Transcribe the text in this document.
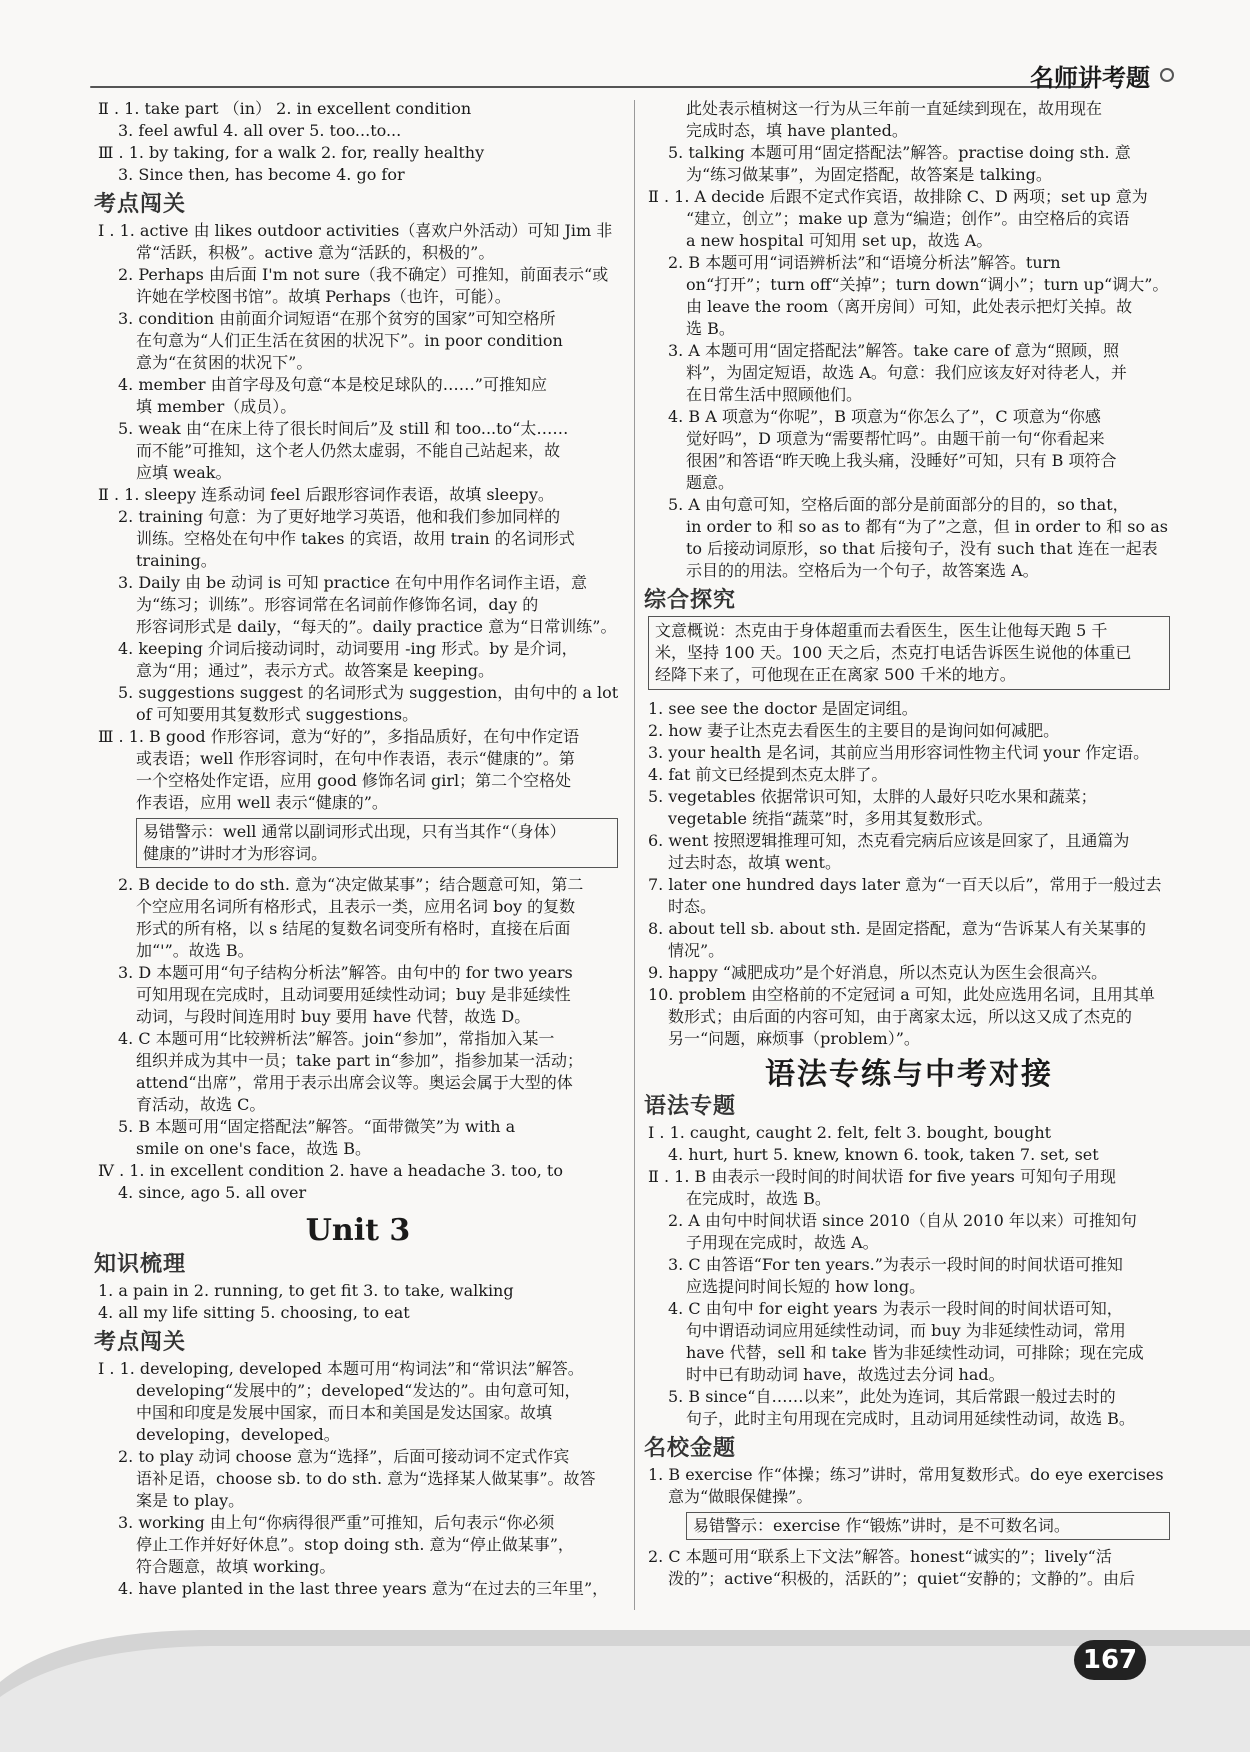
名师讲考题
Ⅱ . 1. take part （in） 2. in excellent condition
3. feel awful 4. all over 5. too...to...
Ⅲ . 1. by taking, for a walk 2. for, really healthy
3. Since then, has become 4. go for
考点闯关
Ⅰ . 1. active 由 likes outdoor activities（喜欢户外活动）可知 Jim 非
常“活跃，积极”。active 意为“活跃的，积极的”。
2. Perhaps 由后面 I'm not sure（我不确定）可推知，前面表示“或
许她在学校图书馆”。故填 Perhaps（也许，可能）。
3. condition 由前面介词短语“在那个贫穷的国家”可知空格所
在句意为“人们正生活在贫困的状况下”。in poor condition
意为“在贫困的状况下”。
4. member 由首字母及句意“本是校足球队的……”可推知应
填 member（成员）。
5. weak 由“在床上待了很长时间后”及 still 和 too...to“太……
而不能”可推知，这个老人仍然太虚弱，不能自己站起来，故
应填 weak。
Ⅱ . 1. sleepy 连系动词 feel 后跟形容词作表语，故填 sleepy。
2. training 句意：为了更好地学习英语，他和我们参加同样的
训练。空格处在句中作 takes 的宾语，故用 train 的名词形式
training。
3. Daily 由 be 动词 is 可知 practice 在句中用作名词作主语，意
为“练习；训练”。形容词常在名词前作修饰名词，day 的
形容词形式是 daily，“每天的”。daily practice 意为“日常训练”。
4. keeping 介词后接动词时，动词要用 -ing 形式。by 是介词，
意为“用；通过”，表示方式。故答案是 keeping。
5. suggestions suggest 的名词形式为 suggestion，由句中的 a lot
of 可知要用其复数形式 suggestions。
Ⅲ . 1. B good 作形容词，意为“好的”，多指品质好，在句中作定语
或表语；well 作形容词时，在句中作表语，表示“健康的”。第
一个空格处作定语，应用 good 修饰名词 girl；第二个空格处
作表语，应用 well 表示“健康的”。
易错警示：well 通常以副词形式出现，只有当其作“（身体）
健康的”讲时才为形容词。
2. B decide to do sth. 意为“决定做某事”；结合题意可知，第二
个空应用名词所有格形式，且表示一类，应用名词 boy 的复数
形式的所有格，以 s 结尾的复数名词变所有格时，直接在后面
加“'”。故选 B。
3. D 本题可用“句子结构分析法”解答。由句中的 for two years
可知用现在完成时，且动词要用延续性动词；buy 是非延续性
动词，与段时间连用时 buy 要用 have 代替，故选 D。
4. C 本题可用“比较辨析法”解答。join“参加”，常指加入某一
组织并成为其中一员；take part in“参加”，指参加某一活动；
attend“出席”，常用于表示出席会议等。奥运会属于大型的体
育活动，故选 C。
5. B 本题可用“固定搭配法”解答。“面带微笑”为 with a
smile on one's face，故选 B。
Ⅳ . 1. in excellent condition 2. have a headache 3. too, to
4. since, ago 5. all over
Unit 3
知识梳理
1. a pain in 2. running, to get fit 3. to take, walking
4. all my life sitting 5. choosing, to eat
考点闯关
Ⅰ . 1. developing, developed 本题可用“构词法”和“常识法”解答。
developing“发展中的”；developed“发达的”。由句意可知，
中国和印度是发展中国家，而日本和美国是发达国家。故填
developing，developed。
2. to play 动词 choose 意为“选择”，后面可接动词不定式作宾
语补足语，choose sb. to do sth. 意为“选择某人做某事”。故答
案是 to play。
3. working 由上句“你病得很严重”可推知，后句表示“你必须
停止工作并好好休息”。stop doing sth. 意为“停止做某事”，
符合题意，故填 working。
4. have planted in the last three years 意为“在过去的三年里”，
此处表示植树这一行为从三年前一直延续到现在，故用现在
完成时态，填 have planted。
5. talking 本题可用“固定搭配法”解答。practise doing sth. 意
为“练习做某事”，为固定搭配，故答案是 talking。
Ⅱ . 1. A decide 后跟不定式作宾语，故排除 C、D 两项；set up 意为
“建立，创立”；make up 意为“编造；创作”。由空格后的宾语
a new hospital 可知用 set up，故选 A。
2. B 本题可用“词语辨析法”和“语境分析法”解答。turn
on“打开”；turn off“关掉”；turn down“调小”；turn up“调大”。
由 leave the room（离开房间）可知，此处表示把灯关掉。故
选 B。
3. A 本题可用“固定搭配法”解答。take care of 意为“照顾，照
料”，为固定短语，故选 A。句意：我们应该友好对待老人，并
在日常生活中照顾他们。
4. B A 项意为“你呢”，B 项意为“你怎么了”，C 项意为“你感
觉好吗”，D 项意为“需要帮忙吗”。由题干前一句“你看起来
很困”和答语“昨天晚上我头痛，没睡好”可知，只有 B 项符合
题意。
5. A 由句意可知，空格后面的部分是前面部分的目的，so that，
in order to 和 so as to 都有“为了”之意，但 in order to 和 so as
to 后接动词原形，so that 后接句子，没有 such that 连在一起表
示目的的用法。空格后为一个句子，故答案选 A。
综合探究
文意概说：杰克由于身体超重而去看医生，医生让他每天跑 5 千
米，坚持 100 天。100 天之后，杰克打电话告诉医生说他的体重已
经降下来了，可他现在正在离家 500 千米的地方。
1. see see the doctor 是固定词组。
2. how 妻子让杰克去看医生的主要目的是询问如何减肥。
3. your health 是名词，其前应当用形容词性物主代词 your 作定语。
4. fat 前文已经提到杰克太胖了。
5. vegetables 依据常识可知，太胖的人最好只吃水果和蔬菜；
vegetable 统指“蔬菜”时，多用其复数形式。
6. went 按照逻辑推理可知，杰克看完病后应该是回家了，且通篇为
过去时态，故填 went。
7. later one hundred days later 意为“一百天以后”，常用于一般过去
时态。
8. about tell sb. about sth. 是固定搭配，意为“告诉某人有关某事的
情况”。
9. happy “减肥成功”是个好消息，所以杰克认为医生会很高兴。
10. problem 由空格前的不定冠词 a 可知，此处应选用名词，且用其单
数形式；由后面的内容可知，由于离家太远，所以这又成了杰克的
另一“问题，麻烦事（problem）”。
语法专练与中考对接
语法专题
Ⅰ . 1. caught, caught 2. felt, felt 3. bought, bought
4. hurt, hurt 5. knew, known 6. took, taken 7. set, set
Ⅱ . 1. B 由表示一段时间的时间状语 for five years 可知句子用现
在完成时，故选 B。
2. A 由句中时间状语 since 2010（自从 2010 年以来）可推知句
子用现在完成时，故选 A。
3. C 由答语“For ten years.”为表示一段时间的时间状语可推知
应选提问时间长短的 how long。
4. C 由句中 for eight years 为表示一段时间的时间状语可知，
句中谓语动词应用延续性动词，而 buy 为非延续性动词，常用
have 代替，sell 和 take 皆为非延续性动词，可排除；现在完成
时中已有助动词 have，故选过去分词 had。
5. B since“自……以来”，此处为连词，其后常跟一般过去时的
句子，此时主句用现在完成时，且动词用延续性动词，故选 B。
名校金题
1. B exercise 作“体操；练习”讲时，常用复数形式。do eye exercises
意为“做眼保健操”。
易错警示：exercise 作“锻炼”讲时，是不可数名词。
2. C 本题可用“联系上下文法”解答。honest“诚实的”；lively“活
泼的”；active“积极的，活跃的”；quiet“安静的；文静的”。由后
167
